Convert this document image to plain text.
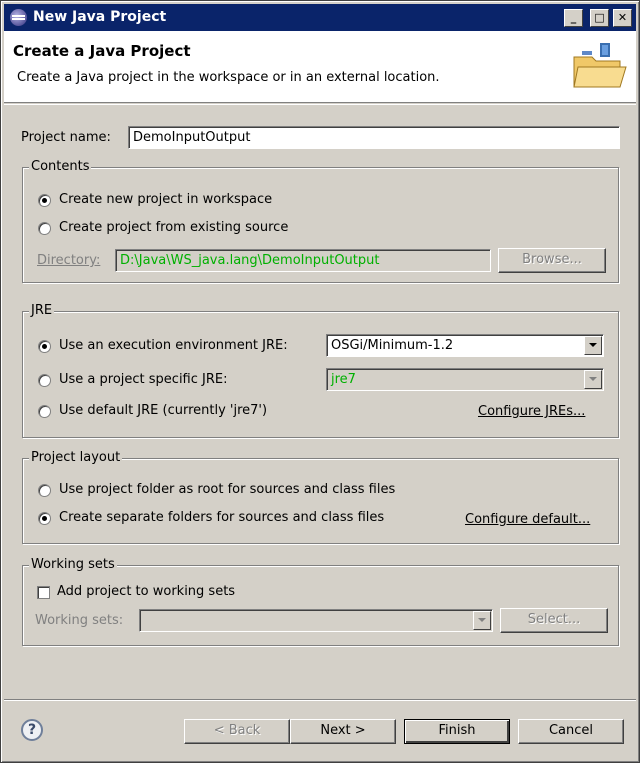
New Java Project	_	□	✕
Create a Java Project
Create a Java project in the workspace or in an external location.
Project name:	DemoInputOutput
Contents
Create new project in workspace
Create project from existing source
Directory:	D:\Java\WS_java.lang\DemoInputOutput	Browse...
JRE
Use an execution environment JRE:	OSGi/Minimum-1.2
Use a project specific JRE:	jre7
Use default JRE (currently 'jre7')	Configure JREs...
Project layout
Use project folder as root for sources and class files
Create separate folders for sources and class files	Configure default...
Working sets
Add project to working sets
Working sets:	Select...
?	< Back	Next >	Finish	Cancel
